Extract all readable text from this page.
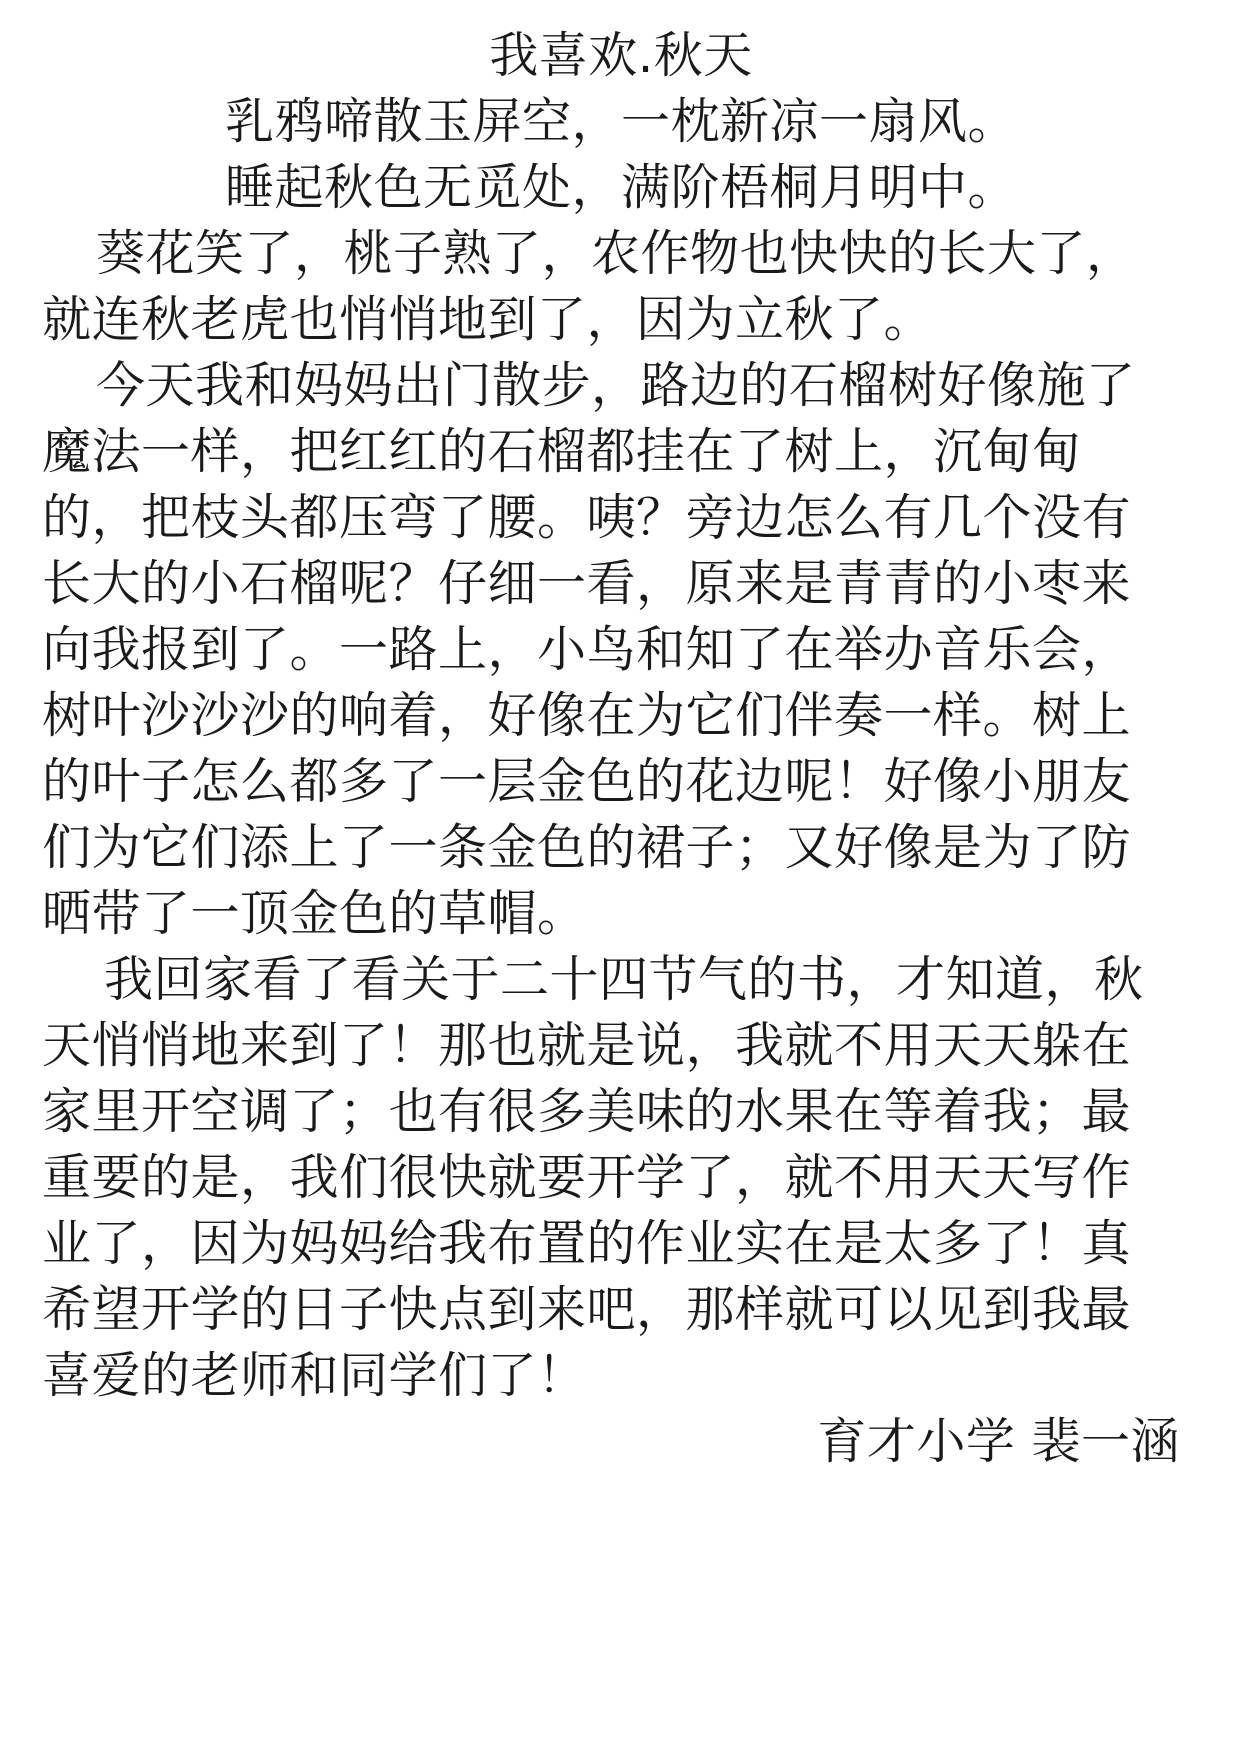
我喜欢.秋天
乳鸦啼散玉屏空，一枕新凉一扇风。
睡起秋色无觅处，满阶梧桐月明中。
葵花笑了，桃子熟了，农作物也快快的长大了，
就连秋老虎也悄悄地到了，因为立秋了。
今天我和妈妈出门散步，路边的石榴树好像施了
魔法一样，把红红的石榴都挂在了树上，沉甸甸
的，把枝头都压弯了腰。咦？旁边怎么有几个没有
长大的小石榴呢？仔细一看，原来是青青的小枣来
向我报到了。一路上，小鸟和知了在举办音乐会，
树叶沙沙沙的响着，好像在为它们伴奏一样。树上
的叶子怎么都多了一层金色的花边呢！好像小朋友
们为它们添上了一条金色的裙子；又好像是为了防
晒带了一顶金色的草帽。
我回家看了看关于二十四节气的书，才知道，秋
天悄悄地来到了！那也就是说，我就不用天天躲在
家里开空调了；也有很多美味的水果在等着我；最
重要的是，我们很快就要开学了，就不用天天写作
业了，因为妈妈给我布置的作业实在是太多了！真
希望开学的日子快点到来吧，那样就可以见到我最
喜爱的老师和同学们了！
育才小学 裴一涵
